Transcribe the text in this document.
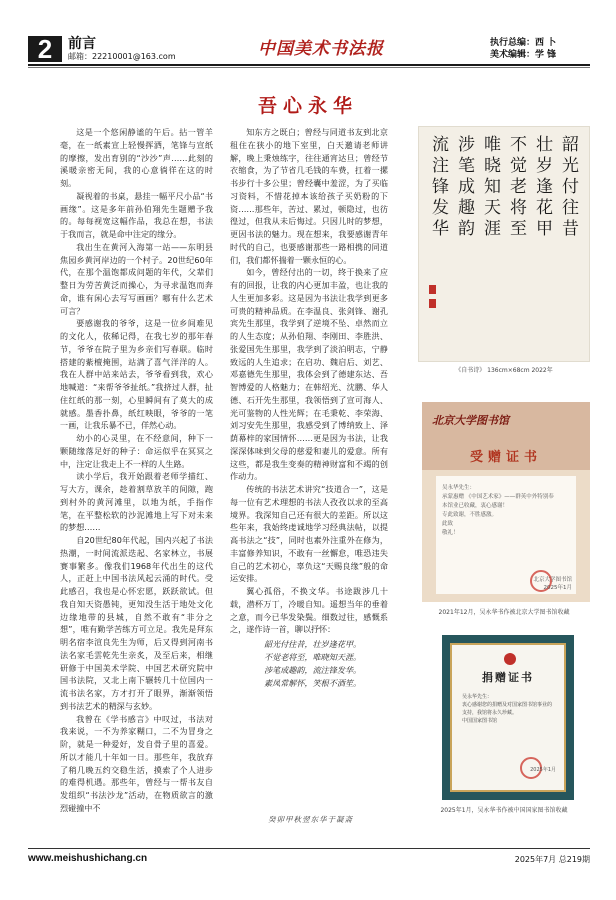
2	前言
邮箱：22210001@163.com	中国美术书法报	执行总编：西 卜
美术编辑：学 锋
吾心永华

这是一个悠闲静谧的午后。拈一管羊毫，在一纸素宣上轻慢挥洒，笔锋与宣纸的摩擦，发出育别的“沙沙”声……此刻的溪暖亲密无间，我的心意徜徉在这的时刻。

凝视着的书桌，悬挂一幅平尺小品“书画缘”。这是多年前孙伯翔先生题赠予我的。每每视宽这幅作品，我总在想，书法于我而言，就是命中注定的缘分。

我出生在黄河入海第一站——东明县焦园乡黄河岸边的一个村子。20世纪60年代，在那个温饱都成问题的年代，父辈们整日为劳苦黄泛而操心，为寻求温饱而奔命，谁有闲心去写写画画？哪有什么艺术可言？

要感谢我的爷爷，这是一位乡间难见的文化人，依稀记得，在我七岁的那年春节，爷爷在院子里为乡亲们写春联。临时搭建的紫檀掩围，站满了喜气洋洋的人。我在人群中站来站去，爷爷看到我，欢心地喊道：“来帮爷爷扯纸。”我挤过人群，扯住红纸的那一刻，心里瞬间有了莫大的成就感。墨香扑鼻，纸红映眼，爷爷的一笔一画，让我乐暴不已，佯然心动。

幼小的心灵里，在不经意间，种下一颗随缘落足好的种子：命运似乎在冥冥之中，注定让我走上不一样的人生路。

读小学后，我开始跟着老师学描红、写大方，课余，趁着割草放羊的间隙，跑到村外的黄河滩里，以地为纸，手指作笔，在平整松软的沙泥滩地上写下对未来的梦想……

自20世纪80年代起，国内兴起了书法热潮，一时间流派迭起、名家林立，书展赛事繁多。像我们1968年代出生的这代人，正赶上中国书法风起云涌的时代。受此感召，我也是心怀宏愿，跃跃欲试。但我自知天资愚钝，更知没生活于地处文化边缘地带的县城，自然不敢有“非分之想”，唯有勤学苦练方可立足。我先是拜东明名宿李渲良先生为师，后又得到河南书法名家毛雲乾先生亲炙，及至后来，相继研修于中国美术学院、中国艺术研究院中国书法院，又北上南下辗转几十位国内一流书法名家，方才打开了眼界，渐渐领悟到书法艺术的精深与玄妙。

我曾在《学书感言》中叹过，书法对我来说，一不为养家糊口，二不为冒身之阶，就是一种爱好，发自骨子里的喜爱。所以才能几十年如一日。那些年，我放弃了稍几晚五约交稳生活，摸索了个人进步的难得机遇。那些年，曾经与一帮书友自发组织“书法沙龙”活动，在物质欲言的激烈碰撞中不

知东方之既白；曾经与同道书友到北京租住在狭小的地下室里，白天邀请老师讲解，晚上秉烛练字，往往通宵达旦；曾经节衣缩食，为了节省几毛钱的车费，扛着一摞书步行十多公里；曾经囊中羞涩，为了买临习资料，不惜花掉本该给孩子买奶粉的下资……那些年，苦过、累过，顿隐过，也彷徨过，但我从未后悔过。只因儿时的梦想，更因书法的魅力。现在想来，我要感谢青年时代的自己，也要感谢那些一路相携的同道们，我们都怀揣着一颗永恒的心。

如今，曾经付出的一切，终于换来了应有的回报，让我的内心更加丰盈，也让我的人生更加多彩。这是因为书法让我学到更多可贵的精神品质。在李温良、张剑锋、谢孔宾先生那里，我学到了逆境不坠、卓然而立的人生态度；从孙伯翔、李刚田、李胜洪、张爱国先生那里，我学到了淡泊明志，宁静致远的人生追求；在启功、魏启后、刘艺、邓嘉德先生那里，我体会到了德建东达、吾智博爱的人格魅力；在韩绍光、沈鹏、华人德、石开先生那里，我领悟到了宣可海人、光可鉴物的人性光辉；在毛秉乾、李荣海、刘习安先生那里，我感受到了博纳致上、泽荫幕梓的家国情怀……更是因为书法，让我深深体味到父母的慈爱和妻儿的爱意。所有这些，都是我生变奏的精神财富和不竭的创作动力。

传统的书法艺术讲究“技道合一”，这是每一位有艺术理想的书法人孜孜以求的至高境界。我深知自己还有很大的差距。所以这些年来，我始终虔诚地学习经典法帖，以提高书法之“技”，同时也素外注重外在修为，丰富修养知识，不敢有一丝懈怠，唯恐违失自己的艺术初心，辜负这“天赐良缘”般的命运安排。

翼心孤俗，不换文华。书途跋涉几十载，潜杯万丁，冷暖自知。遥想当年的垂着之意，而今已华发染鬓。细数过往，感慨系之，遂作诗一首，聊以抒怀：

韶光付往昔，壮岁逢花甲。
不觉老将至，唯晓知天涯。
涉笔成趣韵，流注锋发华。
素凤常解怀，笑根不酒笙。
癸卯甲秋翌东华于凝斋
韶光付往昔
壮岁逢花甲
不觉老将至
唯晓知天涯
涉笔成趣韵
流注锋发华
《自书诗》 136cm×68cm 2022年
北京大学图书馆
受赠证书
吴永华先生：
承蒙惠赠 《中国艺术家》——群英中外特别奉
本馆业已收藏，衷心感谢！
专此致谢，不胜感激。
此致
敬礼！
北京大学图书馆
2025年1月
2021年12月，吴永华书作被北京大学图书馆收藏
捐赠证书
吴永华先生：
衷心感谢您的捐赠及对国家图书馆事业的支持，我馆将永久珍藏。
中国国家图书馆
2025年1月
2025年1月，吴永华书作被中国国家图书馆收藏
www.meishushichang.cn	2025年7月 总219期
